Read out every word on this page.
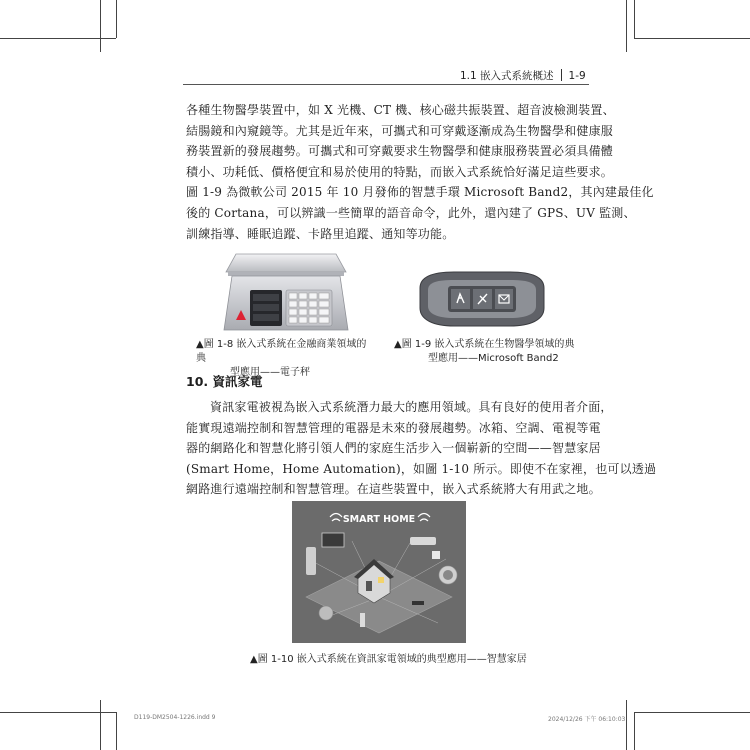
1.1 嵌入式系統概述 1-9

各種生物醫學裝置中，如 X 光機、CT 機、核心磁共振裝置、超音波檢測裝置、
結腸鏡和內窺鏡等。尤其是近年來，可攜式和可穿戴逐漸成為生物醫學和健康服
務裝置新的發展趨勢。可攜式和可穿戴要求生物醫學和健康服務裝置必須具備體
積小、功耗低、價格便宜和易於使用的特點，而嵌入式系統恰好滿足這些要求。
圖 1-9 為微軟公司 2015 年 10 月發佈的智慧手環 Microsoft Band2，其內建最佳化
後的 Cortana，可以辨識一些簡單的語音命令，此外，還內建了 GPS、UV 監測、
訓練指導、睡眠追蹤、卡路里追蹤、通知等功能。

▲圖 1-8 嵌入式系統在金融商業領域的典
型應用——電子秤
▲圖 1-9 嵌入式系統在生物醫學領域的典
型應用——Microsoft Band2
10. 資訊家電

資訊家電被視為嵌入式系統潛力最大的應用領域。具有良好的使用者介面，
能實現遠端控制和智慧管理的電器是未來的發展趨勢。冰箱、空調、電視等電
器的網路化和智慧化將引領人們的家庭生活步入一個嶄新的空間——智慧家居
(Smart Home，Home Automation)，如圖 1-10 所示。即使不在家裡，也可以透過
網路進行遠端控制和智慧管理。在這些裝置中，嵌入式系統將大有用武之地。

SMART HOME
▲圖 1-10 嵌入式系統在資訊家電領域的典型應用——智慧家居
D119-DM2504-1226.indd 9	2024/12/26 下午 06:10:03
